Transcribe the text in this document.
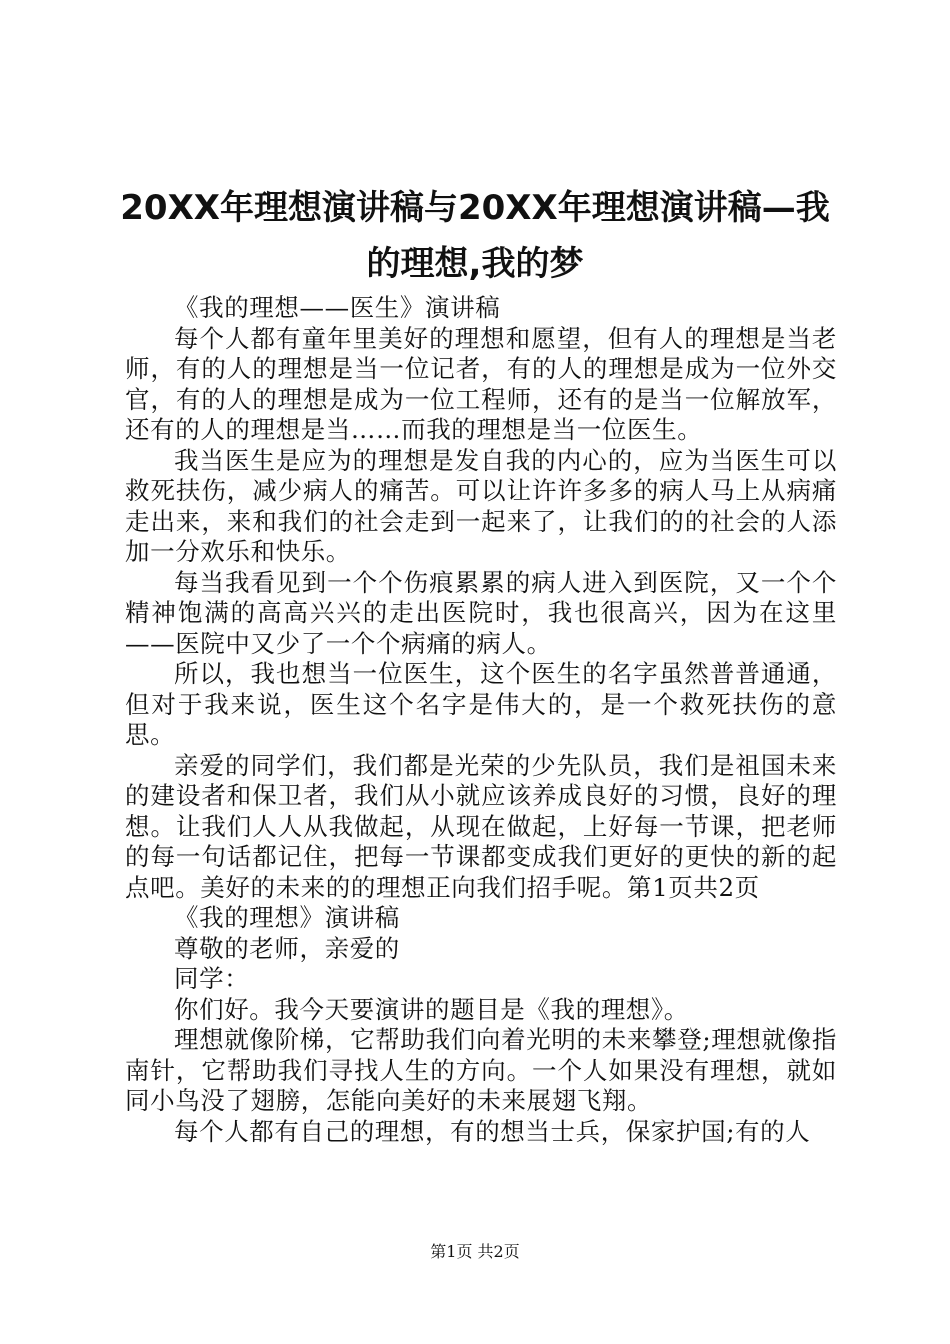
20XX年理想演讲稿与20XX年理想演讲稿—我
的理想,我的梦

《我的理想——医生》演讲稿

每个人都有童年里美好的理想和愿望，但有人的理想是当老师，有的人的理想是当一位记者，有的人的理想是成为一位外交官，有的人的理想是成为一位工程师，还有的是当一位解放军，还有的人的理想是当……而我的理想是当一位医生。

我当医生是应为的理想是发自我的内心的，应为当医生可以救死扶伤，减少病人的痛苦。可以让许许多多的病人马上从病痛走出来，来和我们的社会走到一起来了，让我们的的社会的人添加一分欢乐和快乐。

每当我看见到一个个伤痕累累的病人进入到医院，又一个个精神饱满的高高兴兴的走出医院时，我也很高兴，因为在这里——医院中又少了一个个病痛的病人。

所以，我也想当一位医生，这个医生的名字虽然普普通通，但对于我来说，医生这个名字是伟大的，是一个救死扶伤的意思。

亲爱的同学们，我们都是光荣的少先队员，我们是祖国未来的建设者和保卫者，我们从小就应该养成良好的习惯，良好的理想。让我们人人从我做起，从现在做起，上好每一节课，把老师的每一句话都记住，把每一节课都变成我们更好的更快的新的起点吧。美好的未来的的理想正向我们招手呢。第1页共2页

《我的理想》演讲稿

尊敬的老师，亲爱的

同学：

你们好。我今天要演讲的题目是《我的理想》。

理想就像阶梯，它帮助我们向着光明的未来攀登;理想就像指南针，它帮助我们寻找人生的方向。一个人如果没有理想，就如同小鸟没了翅膀，怎能向美好的未来展翅飞翔。

每个人都有自己的理想，有的想当士兵，保家护国;有的人

第1页 共2页
